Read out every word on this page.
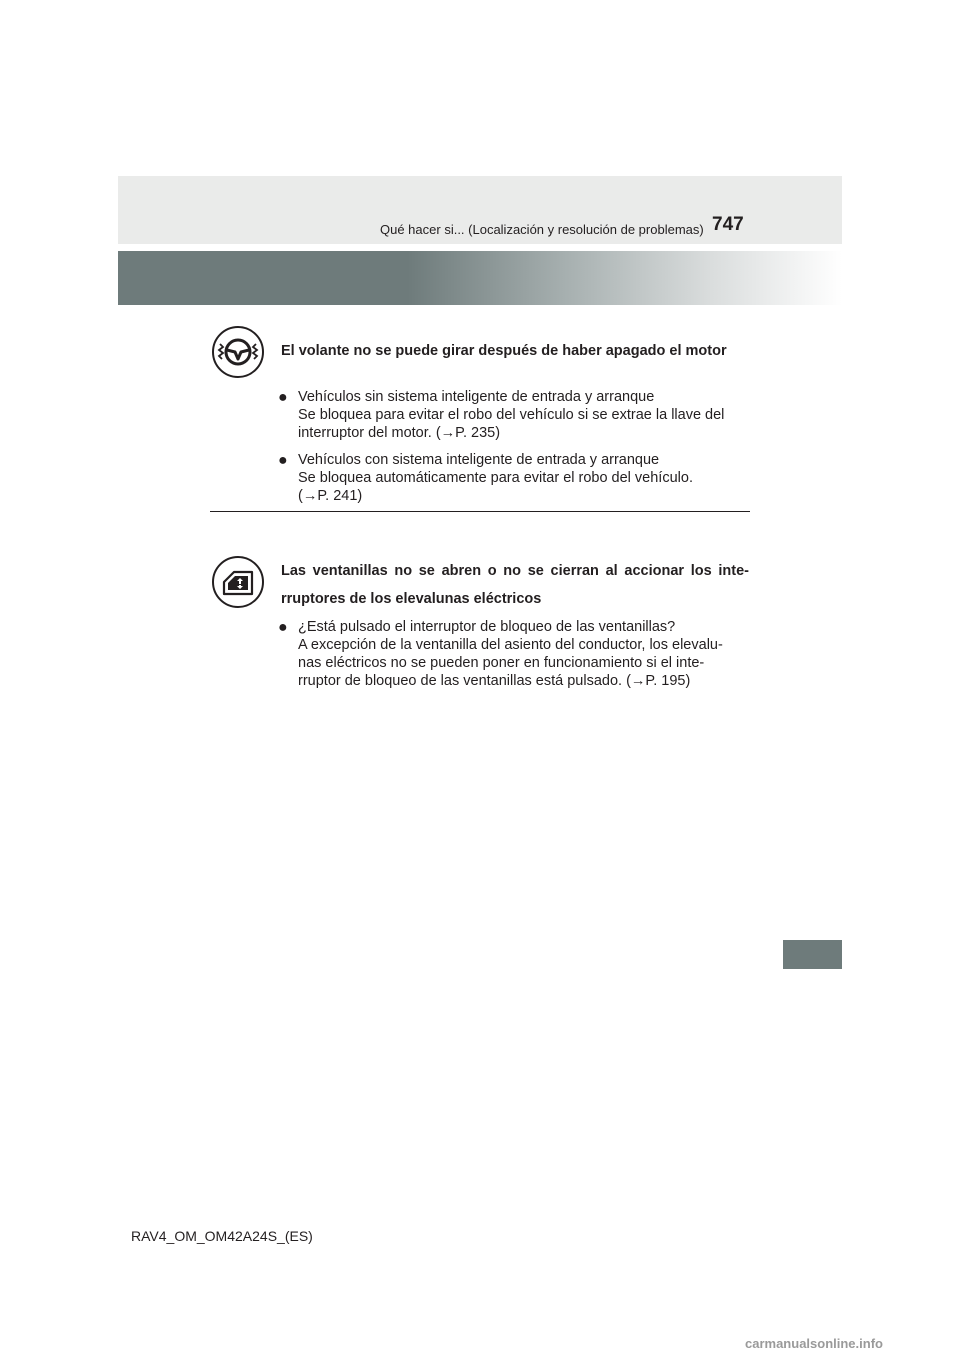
Qué hacer si... (Localización y resolución de problemas) 747
El volante no se puede girar después de haber apagado el motor
● Vehículos sin sistema inteligente de entrada y arranque
Se bloquea para evitar el robo del vehículo si se extrae la llave del
interruptor del motor. (→P. 235)
● Vehículos con sistema inteligente de entrada y arranque
Se bloquea automáticamente para evitar el robo del vehículo.
(→P. 241)
Las ventanillas no se abren o no se cierran al accionar los inte- rruptores de los elevalunas eléctricos
● ¿Está pulsado el interruptor de bloqueo de las ventanillas?
A excepción de la ventanilla del asiento del conductor, los elevalu-
nas eléctricos no se pueden poner en funcionamiento si el inte-
rruptor de bloqueo de las ventanillas está pulsado. (→P. 195)
RAV4_OM_OM42A24S_(ES)
carmanualsonline.info
